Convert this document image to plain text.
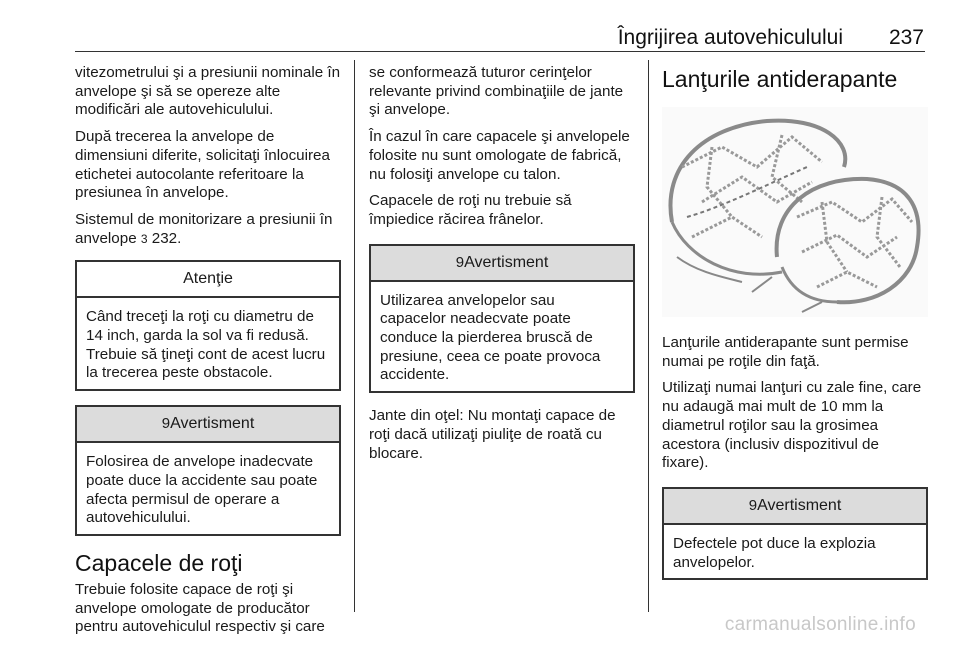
Îngrijirea autovehiculului 237

vitezometrului şi a presiunii nominale în anvelope şi să se opereze alte modificări ale autovehiculului.

După trecerea la anvelope de dimensiuni diferite, solicitaţi înlocuirea etichetei autocolante referitoare la presiunea în anvelope.

Sistemul de monitorizare a presiunii în anvelope 3 232.

Atenţie

Când treceţi la roţi cu diametru de 14 inch, garda la sol va fi redusă. Trebuie să ţineţi cont de acest lucru la trecerea peste obstacole.

9Avertisment

Folosirea de anvelope inadecvate poate duce la accidente sau poate afecta permisul de operare a autovehiculului.

Capacele de roţi

Trebuie folosite capace de roţi şi anvelope omologate de producător pentru autovehiculul respectiv şi care

se conformează tuturor cerinţelor relevante privind combinaţiile de jante şi anvelope.

În cazul în care capacele şi anvelopele folosite nu sunt omologate de fabrică, nu folosiţi anvelope cu talon.

Capacele de roţi nu trebuie să împiedice răcirea frânelor.

9Avertisment

Utilizarea anvelopelor sau capacelor neadecvate poate conduce la pierderea bruscă de presiune, ceea ce poate provoca accidente.

Jante din oţel: Nu montaţi capace de roţi dacă utilizaţi piuliţe de roată cu blocare.

Lanţurile antiderapante

Lanţurile antiderapante sunt permise numai pe roţile din faţă.

Utilizaţi numai lanţuri cu zale fine, care nu adaugă mai mult de 10 mm la diametrul roţilor sau la grosimea acestora (inclusiv dispozitivul de fixare).

9Avertisment

Defectele pot duce la explozia anvelopelor.

carmanualsonline.info
